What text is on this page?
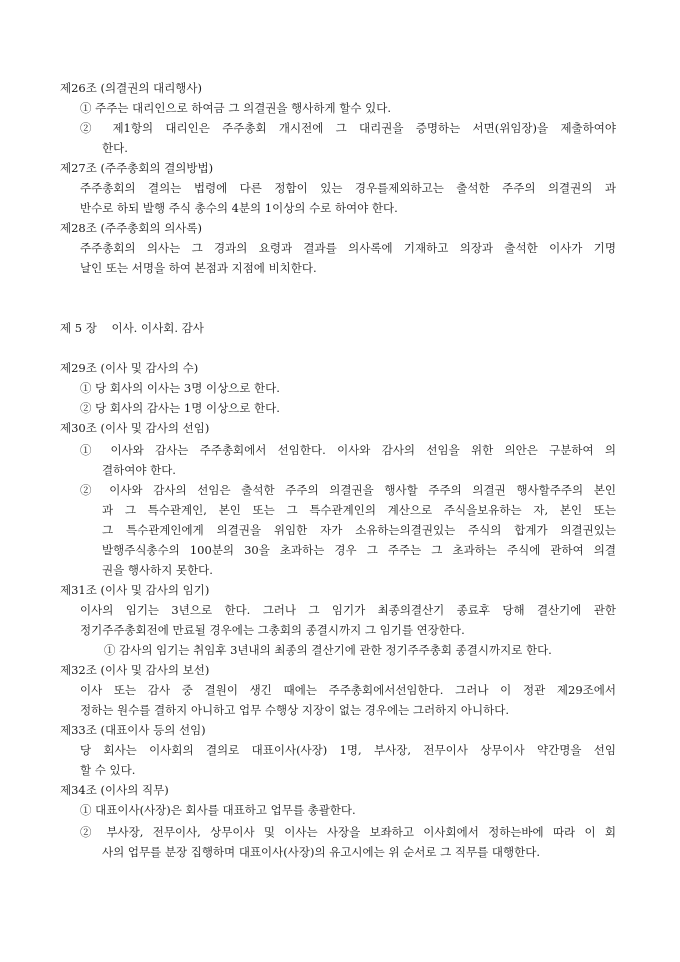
제26조 (의결권의 대리행사)
① 주주는 대리인으로 하여금 그 의결권을 행사하게 할수 있다.
② 제1항의 대리인은 주주총회 개시전에 그 대리권을 증명하는 서면(위임장)을 제출하여야
한다.
제27조 (주주총회의 결의방법)
주주총회의 결의는 법령에 다른 정함이 있는 경우를제외하고는 출석한 주주의 의결권의 과
반수로 하되 발행 주식 총수의 4분의 1이상의 수로 하여야 한다.
제28조 (주주총회의 의사록)
주주총회의 의사는 그 경과의 요령과 결과를 의사록에 기재하고 의장과 출석한 이사가 기명
날인 또는 서명을 하여 본점과 지점에 비치한다.
제 5 장    이사. 이사회. 감사
제29조 (이사 및 감사의 수)
① 당 회사의 이사는 3명 이상으로 한다.
② 당 회사의 감사는 1명 이상으로 한다.
제30조 (이사 및 감사의 선임)
① 이사와 감사는 주주총회에서 선임한다. 이사와 감사의 선임을 위한 의안은 구분하여 의
결하여야 한다.
② 이사와 감사의 선임은 출석한 주주의 의결권을 행사할 주주의 의결권 행사할주주의 본인
과 그 특수관계인, 본인 또는 그 특수관계인의 계산으로 주식을보유하는 자, 본인 또는
그 특수관계인에게 의결권을 위임한 자가 소유하는의결권있는 주식의 합계가 의결권있는
발행주식총수의 100분의 30을 초과하는 경우 그 주주는 그 초과하는 주식에 관하여 의결
권을 행사하지 못한다.
제31조 (이사 및 감사의 임기)
이사의 임기는 3년으로 한다. 그러나 그 임기가 최종의결산기 종료후 당해 결산기에 관한
정기주주총회전에 만료될 경우에는 그총회의 종결시까지 그 임기를 연장한다.
① 감사의 임기는 취임후 3년내의 최종의 결산기에 관한 정기주주총회 종결시까지로 한다.
제32조 (이사 및 감사의 보선)
이사 또는 감사 중 결원이 생긴 때에는 주주총회에서선임한다. 그러나 이 정관 제29조에서
정하는 원수를 결하지 아니하고 업무 수행상 지장이 없는 경우에는 그러하지 아니하다.
제33조 (대표이사 등의 선임)
당 회사는 이사회의 결의로 대표이사(사장) 1명, 부사장, 전무이사 상무이사 약간명을 선임
할 수 있다.
제34조 (이사의 직무)
① 대표이사(사장)은 회사를 대표하고 업무를 총괄한다.
② 부사장, 전무이사, 상무이사 및 이사는 사장을 보좌하고 이사회에서 정하는바에 따라 이 회
사의 업무를 분장 집행하며 대표이사(사장)의 유고시에는 위 순서로 그 직무를 대행한다.
